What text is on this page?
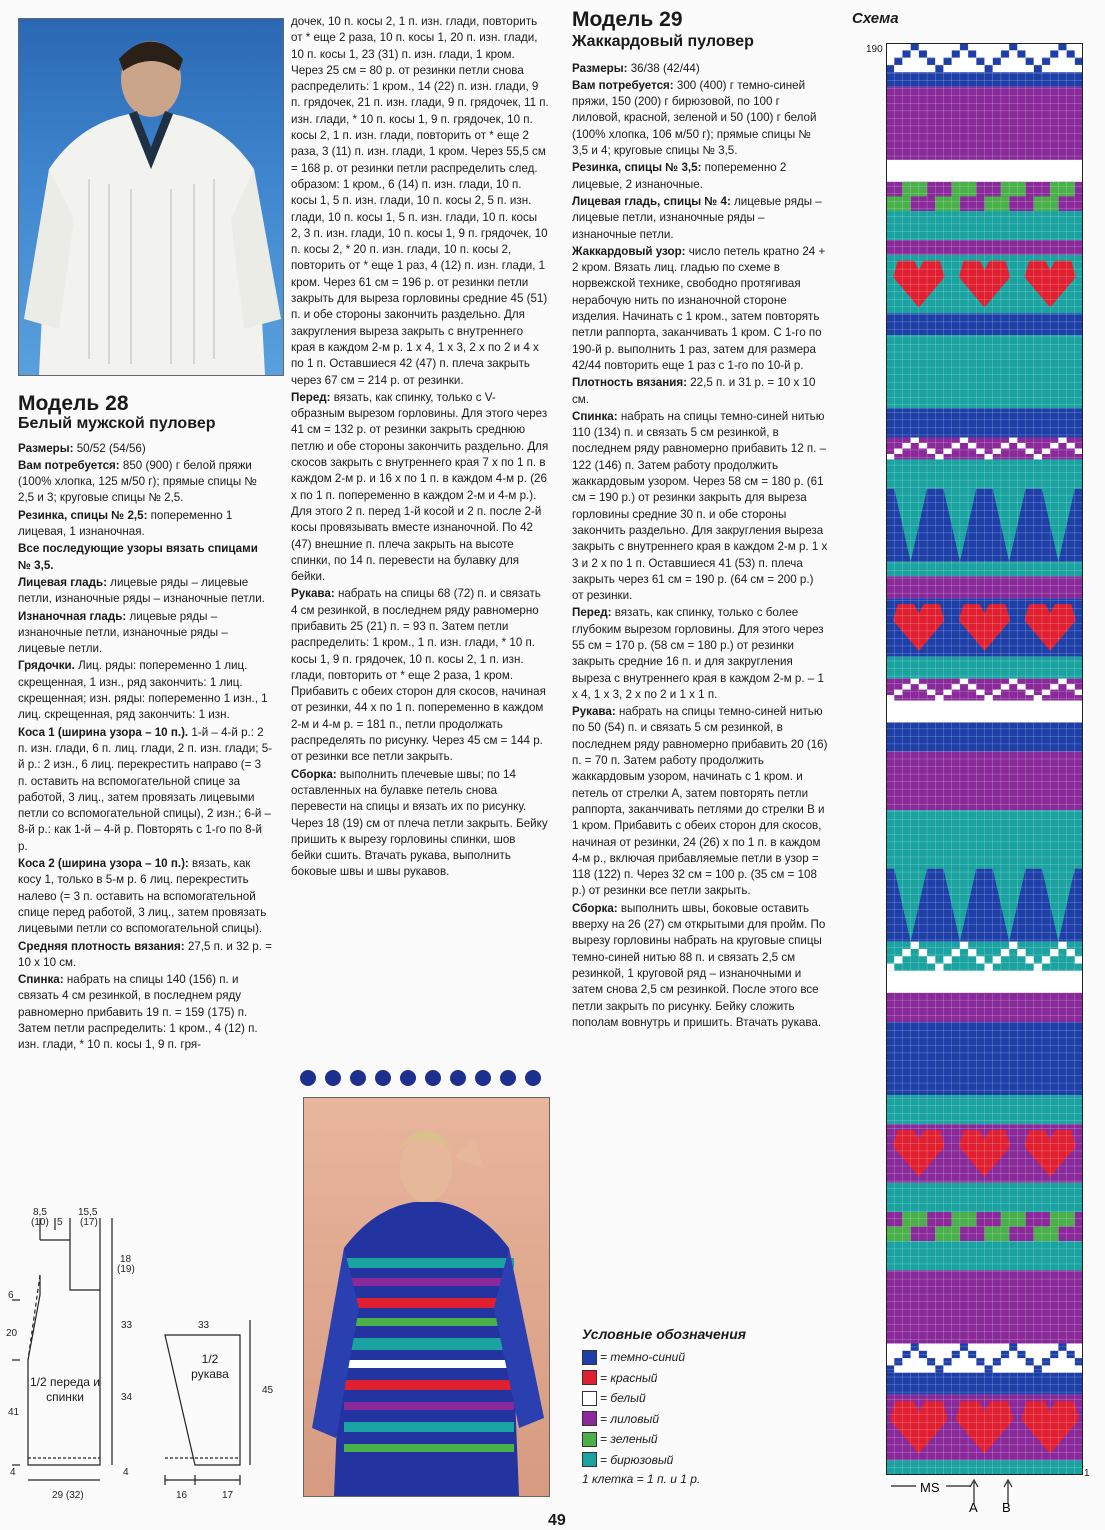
Модель 28
Белый мужской пуловер

Размеры: 50/52 (54/56)

Вам потребуется: 850 (900) г белой пряжи (100% хлопка, 125 м/50 г); прямые спицы № 2,5 и 3; круговые спицы № 2,5.

Резинка, спицы № 2,5: попеременно 1 лицевая, 1 изнаночная.

Все последующие узоры вязать спицами № 3,5.

Лицевая гладь: лицевые ряды – лицевые петли, изнаночные ряды – изнаночные петли.

Изнаночная гладь: лицевые ряды – изнаночные петли, изнаночные ряды – лицевые петли.

Грядочки. Лиц. ряды: попеременно 1 лиц. скрещенная, 1 изн., ряд закончить: 1 лиц. скрещенная; изн. ряды: попеременно 1 изн., 1 лиц. скрещенная, ряд закончить: 1 изн.

Коса 1 (ширина узора – 10 п.). 1-й – 4-й р.: 2 п. изн. глади, 6 п. лиц. глади, 2 п. изн. глади; 5-й р.: 2 изн., 6 лиц. перекрестить направо (= 3 п. оставить на вспомогательной спице за работой, 3 лиц., затем провязать лицевыми петли со вспомогательной спицы), 2 изн.; 6-й – 8-й р.: как 1-й – 4-й р. Повторять с 1-го по 8-й р.

Коса 2 (ширина узора – 10 п.): вязать, как косу 1, только в 5-м р. 6 лиц. перекрестить налево (= 3 п. оставить на вспомогательной спице перед работой, 3 лиц., затем провязать лицевыми петли со вспомогательной спицы).

Средняя плотность вязания: 27,5 п. и 32 р. = 10 x 10 см.

Спинка: набрать на спицы 140 (156) п. и связать 4 см резинкой, в последнем ряду равномерно прибавить 19 п. = 159 (175) п. Затем петли распределить: 1 кром., 4 (12) п. изн. глади, * 10 п. косы 1, 9 п. гря-

дочек, 10 п. косы 2, 1 п. изн. глади, повторить от * еще 2 раза, 10 п. косы 1, 20 п. изн. глади, 10 п. косы 1, 23 (31) п. изн. глади, 1 кром. Через 25 см = 80 р. от резинки петли снова распределить: 1 кром., 14 (22) п. изн. глади, 9 п. грядочек, 21 п. изн. глади, 9 п. грядочек, 11 п. изн. глади, * 10 п. косы 1, 9 п. грядочек, 10 п. косы 2, 1 п. изн. глади, повторить от * еще 2 раза, 3 (11) п. изн. глади, 1 кром. Через 55,5 см = 168 р. от резинки петли распределить след. образом: 1 кром., 6 (14) п. изн. глади, 10 п. косы 1, 5 п. изн. глади, 10 п. косы 2, 5 п. изн. глади, 10 п. косы 1, 5 п. изн. глади, 10 п. косы 2, 3 п. изн. глади, 10 п. косы 1, 9 п. грядочек, 10 п. косы 2, * 20 п. изн. глади, 10 п. косы 2, повторить от * еще 1 раз, 4 (12) п. изн. глади, 1 кром. Через 61 см = 196 р. от резинки петли закрыть для выреза горловины средние 45 (51) п. и обе стороны закончить раздельно. Для закругления выреза закрыть с внутреннего края в каждом 2-м р. 1 x 4, 1 x 3, 2 x по 2 и 4 x по 1 п. Оставшиеся 42 (47) п. плеча закрыть через 67 см = 214 р. от резинки.

Перед: вязать, как спинку, только с V-образным вырезом горловины. Для этого через 41 см = 132 р. от резинки закрыть среднюю петлю и обе стороны закончить раздельно. Для скосов закрыть с внутреннего края 7 x по 1 п. в каждом 2-м р. и 16 x по 1 п. в каждом 4-м р. (26 x по 1 п. попеременно в каждом 2-м и 4-м р.). Для этого 2 п. перед 1-й косой и 2 п. после 2-й косы провязывать вместе изнаночной. По 42 (47) внешние п. плеча закрыть на высоте спинки, по 14 п. перевести на булавку для бейки.

Рукава: набрать на спицы 68 (72) п. и связать 4 см резинкой, в последнем ряду равномерно прибавить 25 (21) п. = 93 п. Затем петли распределить: 1 кром., 1 п. изн. глади, * 10 п. косы 1, 9 п. грядочек, 10 п. косы 2, 1 п. изн. глади, повторить от * еще 2 раза, 1 кром. Прибавить с обеих сторон для скосов, начиная от резинки, 44 x по 1 п. попеременно в каждом 2-м и 4-м р. = 181 п., петли продолжать распределять по рисунку. Через 45 см = 144 р. от резинки все петли закрыть.

Сборка: выполнить плечевые швы; по 14 оставленных на булавке петель снова перевести на спицы и вязать их по рисунку. Через 18 (19) см от плеча петли закрыть. Бейку пришить к вырезу горловины спинки, шов бейки сшить. Втачать рукава, выполнить боковые швы и швы рукавов.

8,5
(10) 5
15,5
(17)
18
(19)
6
20
33
34
41
4
29 (32)
33
45
4
16	17
1/2 переда и спинки
1/2 рукава
Модель 29
Жаккардовый пуловер

Размеры: 36/38 (42/44)

Вам потребуется: 300 (400) г темно-синей пряжи, 150 (200) г бирюзовой, по 100 г лиловой, красной, зеленой и 50 (100) г белой (100% хлопка, 106 м/50 г); прямые спицы № 3,5 и 4; круговые спицы № 3,5.

Резинка, спицы № 3,5: попеременно 2 лицевые, 2 изнаночные.

Лицевая гладь, спицы № 4: лицевые ряды – лицевые петли, изнаночные ряды – изнаночные петли.

Жаккардовый узор: число петель кратно 24 + 2 кром. Вязать лиц. гладью по схеме в норвежской технике, свободно протягивая нерабочую нить по изнаночной стороне изделия. Начинать с 1 кром., затем повторять петли раппорта, заканчивать 1 кром. С 1-го по 190-й р. выполнить 1 раз, затем для размера 42/44 повторить еще 1 раз с 1-го по 10-й р.

Плотность вязания: 22,5 п. и 31 р. = 10 x 10 см.

Спинка: набрать на спицы темно-синей нитью 110 (134) п. и связать 5 см резинкой, в последнем ряду равномерно прибавить 12 п. – 122 (146) п. Затем работу продолжить жаккардовым узором. Через 58 см = 180 р. (61 см = 190 р.) от резинки закрыть для выреза горловины средние 30 п. и обе стороны закончить раздельно. Для закругления выреза закрыть с внутреннего края в каждом 2-м р. 1 x 3 и 2 x по 1 п. Оставшиеся 41 (53) п. плеча закрыть через 61 см = 190 р. (64 см = 200 р.) от резинки.

Перед: вязать, как спинку, только с более глубоким вырезом горловины. Для этого через 55 см = 170 р. (58 см = 180 р.) от резинки закрыть средние 16 п. и для закругления выреза с внутреннего края в каждом 2-м р. – 1 x 4, 1 x 3, 2 x по 2 и 1 x 1 п.

Рукава: набрать на спицы темно-синей нитью по 50 (54) п. и связать 5 см резинкой, в последнем ряду равномерно прибавить 20 (16) п. = 70 п. Затем работу продолжить жаккардовым узором, начинать с 1 кром. и петель от стрелки А, затем повторять петли раппорта, заканчивать петлями до стрелки В и 1 кром. Прибавить с обеих сторон для скосов, начиная от резинки, 24 (26) x по 1 п. в каждом 4-м р., включая прибавляемые петли в узор = 118 (122) п. Через 32 см = 100 р. (35 см = 108 р.) от резинки все петли закрыть.

Сборка: выполнить швы, боковые оставить вверху на 26 (27) см открытыми для пройм. По вырезу горловины набрать на круговые спицы темно-синей нитью 88 п. и связать 2,5 см резинкой, 1 круговой ряд – изнаночными и затем снова 2,5 см резинкой. После этого все петли закрыть по рисунку. Бейку сложить пополам вовнутрь и пришить. Втачать рукава.

Условные обозначения
= темно-синий
= красный
= белый
= лиловый
= зеленый
= бирюзовый
1 клетка = 1 п. и 1 р.
Схема
190
1
MS
A B
49
